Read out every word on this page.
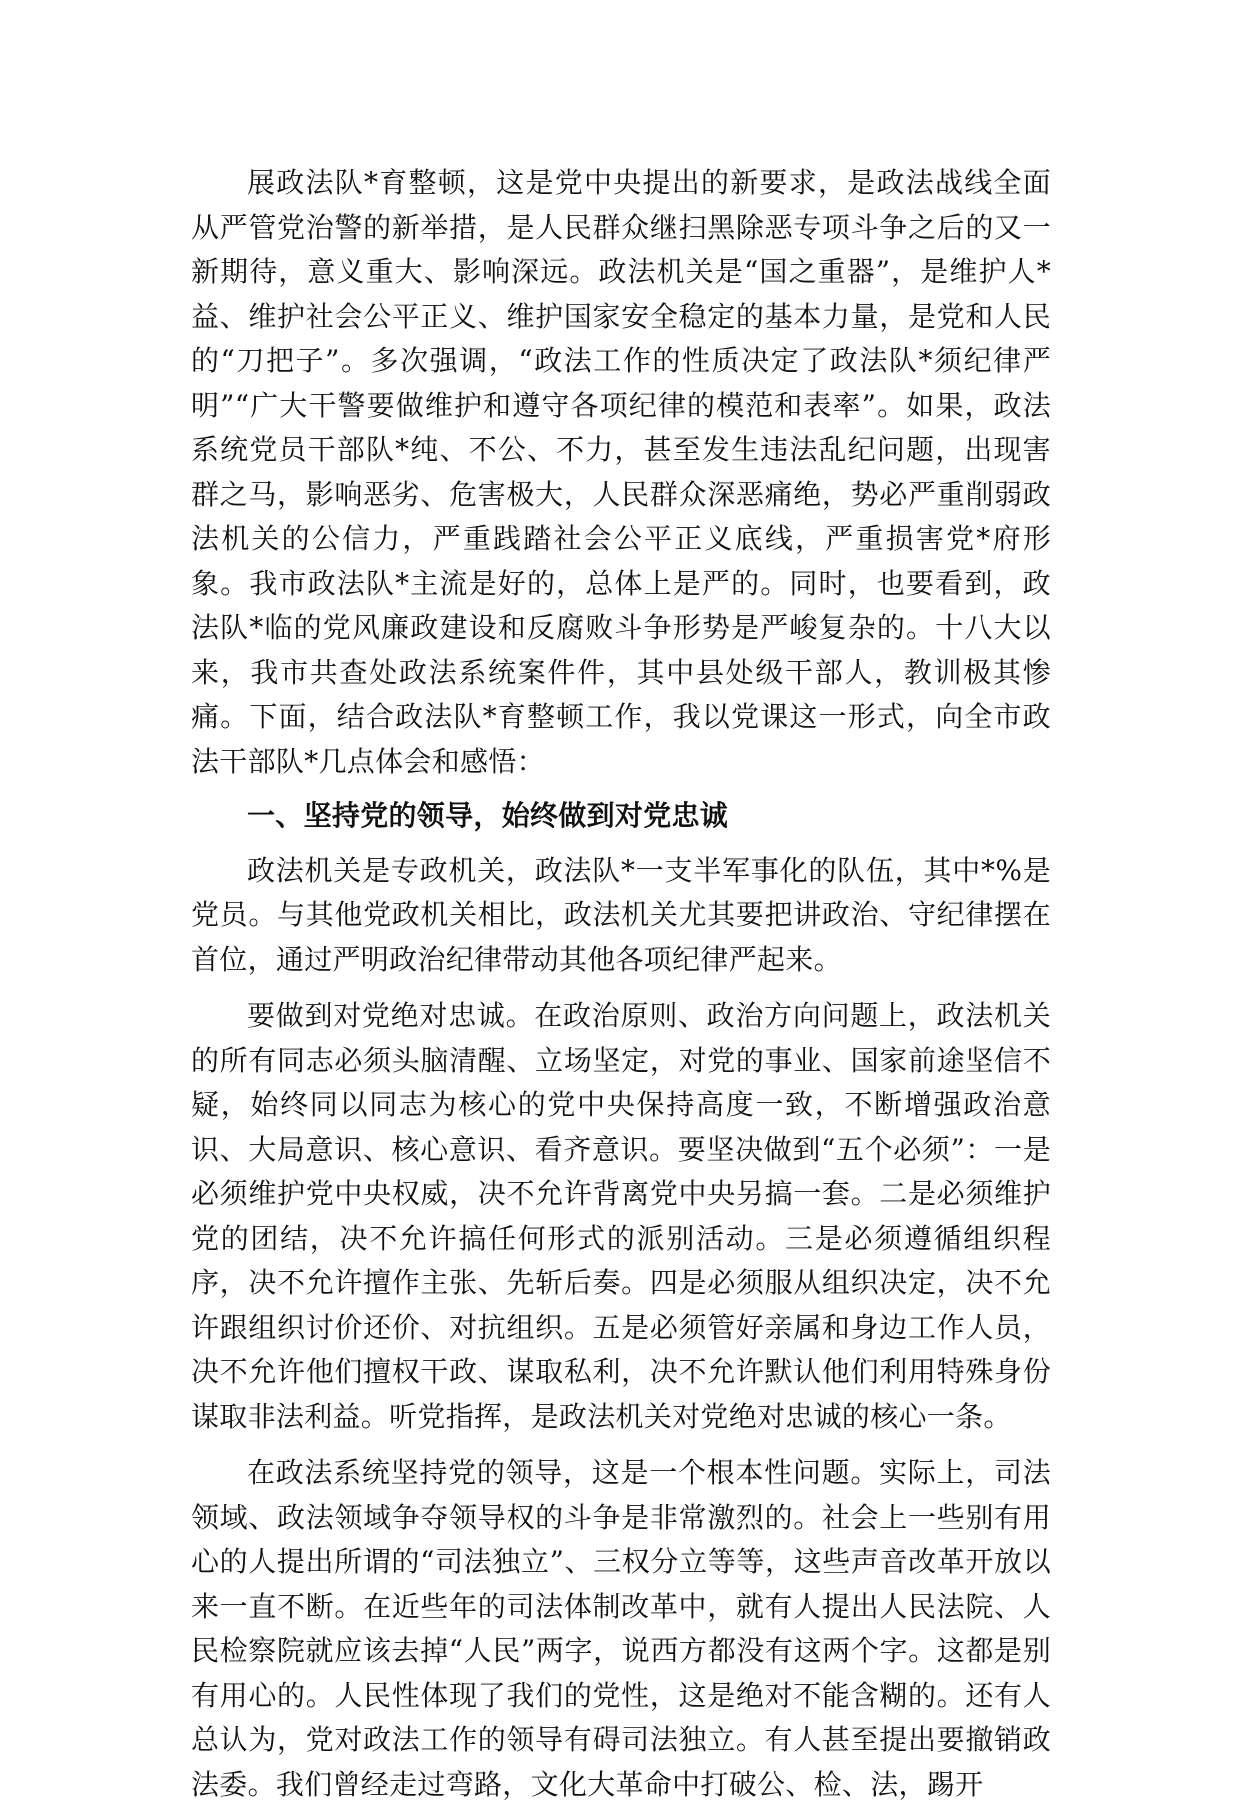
展政法队*育整顿，这是党中央提出的新要求，是政法战线全面从严管党治警的新举措，是人民群众继扫黑除恶专项斗争之后的又一新期待，意义重大、影响深远。政法机关是“国之重器”，是维护人*益、维护社会公平正义、维护国家安全稳定的基本力量，是党和人民的“刀把子”。多次强调，“政法工作的性质决定了政法队*须纪律严明”“广大干警要做维护和遵守各项纪律的模范和表率”。如果，政法系统党员干部队*纯、不公、不力，甚至发生违法乱纪问题，出现害群之马，影响恶劣、危害极大，人民群众深恶痛绝，势必严重削弱政法机关的公信力，严重践踏社会公平正义底线，严重损害党*府形象。我市政法队*主流是好的，总体上是严的。同时，也要看到，政法队*临的党风廉政建设和反腐败斗争形势是严峻复杂的。十八大以来，我市共查处政法系统案件件，其中县处级干部人，教训极其惨痛。下面，结合政法队*育整顿工作，我以党课这一形式，向全市政法干部队*几点体会和感悟：

一、坚持党的领导，始终做到对党忠诚

政法机关是专政机关，政法队*一支半军事化的队伍，其中*%是党员。与其他党政机关相比，政法机关尤其要把讲政治、守纪律摆在首位，通过严明政治纪律带动其他各项纪律严起来。

要做到对党绝对忠诚。在政治原则、政治方向问题上，政法机关的所有同志必须头脑清醒、立场坚定，对党的事业、国家前途坚信不疑，始终同以同志为核心的党中央保持高度一致，不断增强政治意识、大局意识、核心意识、看齐意识。要坚决做到“五个必须”：一是必须维护党中央权威，决不允许背离党中央另搞一套。二是必须维护党的团结，决不允许搞任何形式的派别活动。三是必须遵循组织程序，决不允许擅作主张、先斩后奏。四是必须服从组织决定，决不允许跟组织讨价还价、对抗组织。五是必须管好亲属和身边工作人员，决不允许他们擅权干政、谋取私利，决不允许默认他们利用特殊身份谋取非法利益。听党指挥，是政法机关对党绝对忠诚的核心一条。

在政法系统坚持党的领导，这是一个根本性问题。实际上，司法领域、政法领域争夺领导权的斗争是非常激烈的。社会上一些别有用心的人提出所谓的“司法独立”、三权分立等等，这些声音改革开放以来一直不断。在近些年的司法体制改革中，就有人提出人民法院、人民检察院就应该去掉“人民”两字，说西方都没有这两个字。这都是别有用心的。人民性体现了我们的党性，这是绝对不能含糊的。还有人总认为，党对政法工作的领导有碍司法独立。有人甚至提出要撤销政法委。我们曾经走过弯路，文化大革命中打破公、检、法，踢开
